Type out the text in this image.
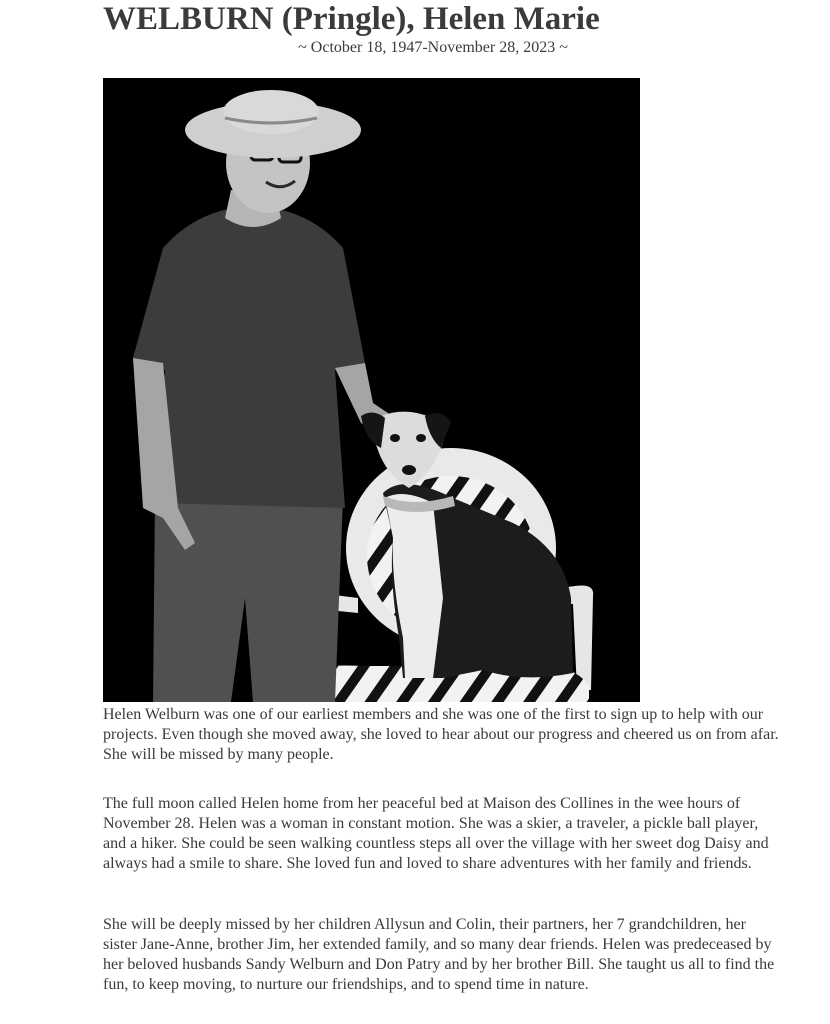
WELBURN (Pringle), Helen Marie
~ October 18, 1947-November 28, 2023 ~

Helen Welburn was one of our earliest members and she was one of the first to sign up to help with our projects. Even though she moved away, she loved to hear about our progress and cheered us on from afar. She will be missed by many people.

The full moon called Helen home from her peaceful bed at Maison des Collines in the wee hours of November 28. Helen was a woman in constant motion. She was a skier, a traveler, a pickle ball player, and a hiker. She could be seen walking countless steps all over the village with her sweet dog Daisy and always had a smile to share. She loved fun and loved to share adventures with her family and friends.

She will be deeply missed by her children Allysun and Colin, their partners, her 7 grandchildren, her sister Jane-Anne, brother Jim, her extended family, and so many dear friends. Helen was predeceased by her beloved husbands Sandy Welburn and Don Patry and by her brother Bill. She taught us all to find the fun, to keep moving, to nurture our friendships, and to spend time in nature.
